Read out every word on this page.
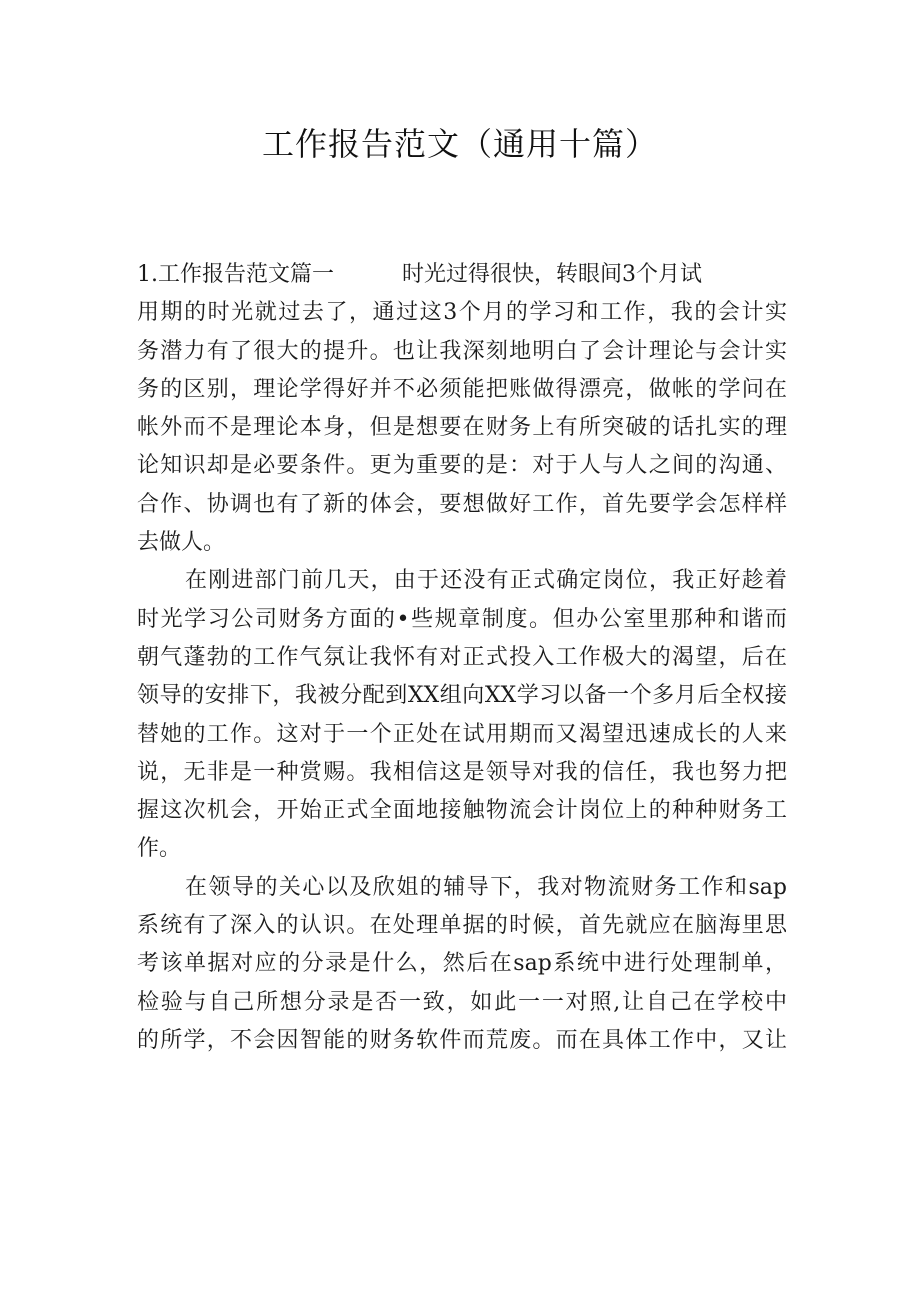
工作报告范文（通用十篇）
1.工作报告范文篇一	时光过得很快，转眼间3个月试
用期的时光就过去了，通过这3个月的学习和工作，我的会计实
务潜力有了很大的提升。也让我深刻地明白了会计理论与会计实
务的区别，理论学得好并不必须能把账做得漂亮，做帐的学问在
帐外而不是理论本身，但是想要在财务上有所突破的话扎实的理
论知识却是必要条件。更为重要的是：对于人与人之间的沟通、
合作、协调也有了新的体会，要想做好工作，首先要学会怎样样
去做人。
在刚进部门前几天，由于还没有正式确定岗位，我正好趁着
时光学习公司财务方面的•些规章制度。但办公室里那种和谐而
朝气蓬勃的工作气氛让我怀有对正式投入工作极大的渴望，后在
领导的安排下，我被分配到XX组向XX学习以备一个多月后全权接
替她的工作。这对于一个正处在试用期而又渴望迅速成长的人来
说，无非是一种赏赐。我相信这是领导对我的信任，我也努力把
握这次机会，开始正式全面地接触物流会计岗位上的种种财务工
作。
在领导的关心以及欣姐的辅导下，我对物流财务工作和sap
系统有了深入的认识。在处理单据的时候，首先就应在脑海里思
考该单据对应的分录是什么，然后在sap系统中进行处理制单，
检验与自己所想分录是否一致，如此一一对照,让自己在学校中
的所学，不会因智能的财务软件而荒废。而在具体工作中，又让
